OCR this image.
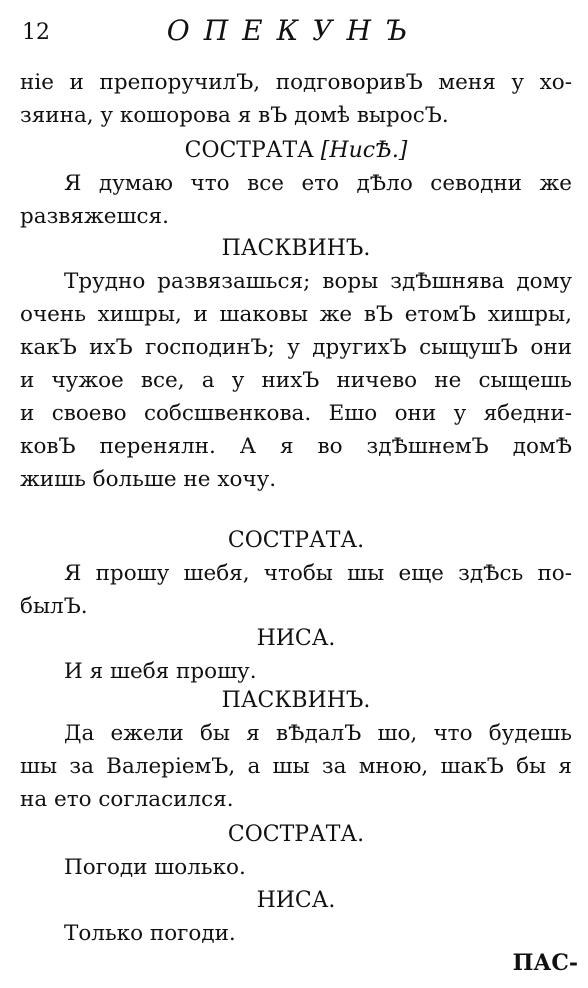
12	ОПЕКУНЪ
ніе и препоручилЪ, подговоривЪ меня у хо-
зяина, у кошорова я вЪ домѣ выросЪ.
СОСТРАТА [НисѢ.]
Я думаю что все ето дѢло севодни же
развяжешся.
ПАСКВИНЪ.
Трудно развязашься; воры здѢшнява дому
очень хишры, и шаковы же вЪ етомЪ хишры,
какЪ ихЪ господинЪ; у другихЪ сыщушЪ они
и чужое все, а у нихЪ ничево не сыщешь
и своево собсшвенкова. Ешо они у ябедни-
ковЪ перенялн. А я во здѢшнемЪ домѢ
жишь больше не хочу.
СОСТРАТА.
Я прошу шебя, чтобы шы еще здѢсь по-
былЪ.
НИСА.
И я шебя прошу.
ПАСКВИНЪ.
Да ежели бы я вѢдалЪ шо, что будешь
шы за ВалеріемЪ, а шы за мною, шакЪ бы я
на ето согласился.
СОСТРАТА.
Погоди шолько.
НИСА.
Только погоди.
ПАС-
